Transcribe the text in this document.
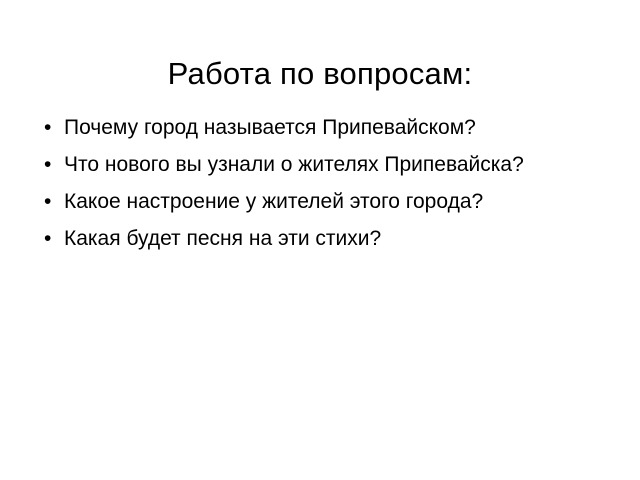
Работа по вопросам:
• Почему город называется Припевайском?
• Что нового вы узнали о жителях Припевайска?
• Какое настроение у жителей этого города?
• Какая будет песня на эти стихи?
